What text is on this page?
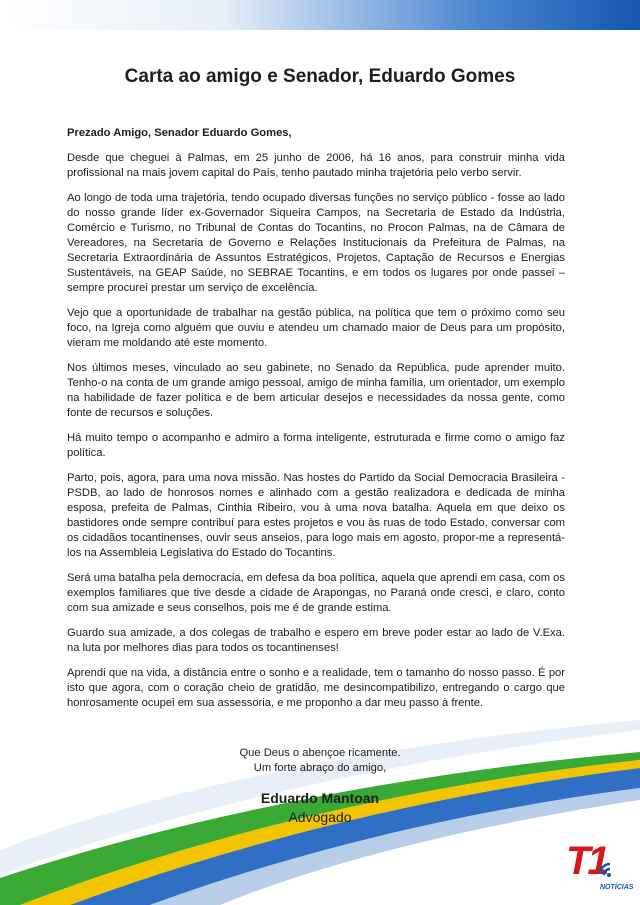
Carta ao amigo e Senador, Eduardo Gomes

Prezado Amigo, Senador Eduardo Gomes,

Desde que cheguei à Palmas, em 25 junho de 2006, há 16 anos, para construir minha vida profissional na mais jovem capital do País, tenho pautado minha trajetória pelo verbo servir.

Ao longo de toda uma trajetória, tendo ocupado diversas funções no serviço público - fosse ao lado do nosso grande líder ex-Governador Siqueira Campos, na Secretaria de Estado da Indústria, Comércio e Turismo, no Tribunal de Contas do Tocantins, no Procon Palmas, na de Câmara de Vereadores, na Secretaria de Governo e Relações Institucionais da Prefeitura de Palmas, na Secretaria Extraordinária de Assuntos Estratégicos, Projetos, Captação de Recursos e Energias Sustentáveis, na GEAP Saúde, no SEBRAE Tocantins, e em todos os lugares por onde passei – sempre procurei prestar um serviço de excelência.

Vejo que a oportunidade de trabalhar na gestão pública, na política que tem o próximo como seu foco, na Igreja como alguém que ouviu e atendeu um chamado maior de Deus para um propósito, vieram me moldando até este momento.

Nos últimos meses, vinculado ao seu gabinete, no Senado da República, pude aprender muito. Tenho-o na conta de um grande amigo pessoal, amigo de minha família, um orientador, um exemplo na habilidade de fazer política e de bem articular desejos e necessidades da nossa gente, como fonte de recursos e soluções.

Há muito tempo o acompanho e admiro a forma inteligente, estruturada e firme como o amigo faz política.

Parto, pois, agora, para uma nova missão. Nas hostes do Partido da Social Democracia Brasileira - PSDB, ao lado de honrosos nomes e alinhado com a gestão realizadora e dedicada de minha esposa, prefeita de Palmas, Cinthia Ribeiro, vou à uma nova batalha. Aquela em que deixo os bastidores onde sempre contribuí para estes projetos e vou às ruas de todo Estado, conversar com os cidadãos tocantinenses, ouvir seus anseios, para logo mais em agosto, propor-me a representá-los na Assembleia Legislativa do Estado do Tocantins.

Será uma batalha pela democracia, em defesa da boa política, aquela que aprendi em casa, com os exemplos familiares que tive desde a cidade de Arapongas, no Paraná onde cresci, e claro, conto com sua amizade e seus conselhos, pois me é de grande estima.

Guardo sua amizade, a dos colegas de trabalho e espero em breve poder estar ao lado de V.Exa. na luta por melhores dias para todos os tocantinenses!

Aprendi que na vida, a distância entre o sonho e a realidade, tem o tamanho do nosso passo. É por isto que agora, com o coração cheio de gratidão, me desincompatibilizo, entregando o cargo que honrosamente ocupei em sua assessoria, e me proponho a dar meu passo à frente.

Que Deus o abençoe ricamente.
Um forte abraço do amigo,
Eduardo Mantoan
Advogado
T1
NOTÍCIAS
